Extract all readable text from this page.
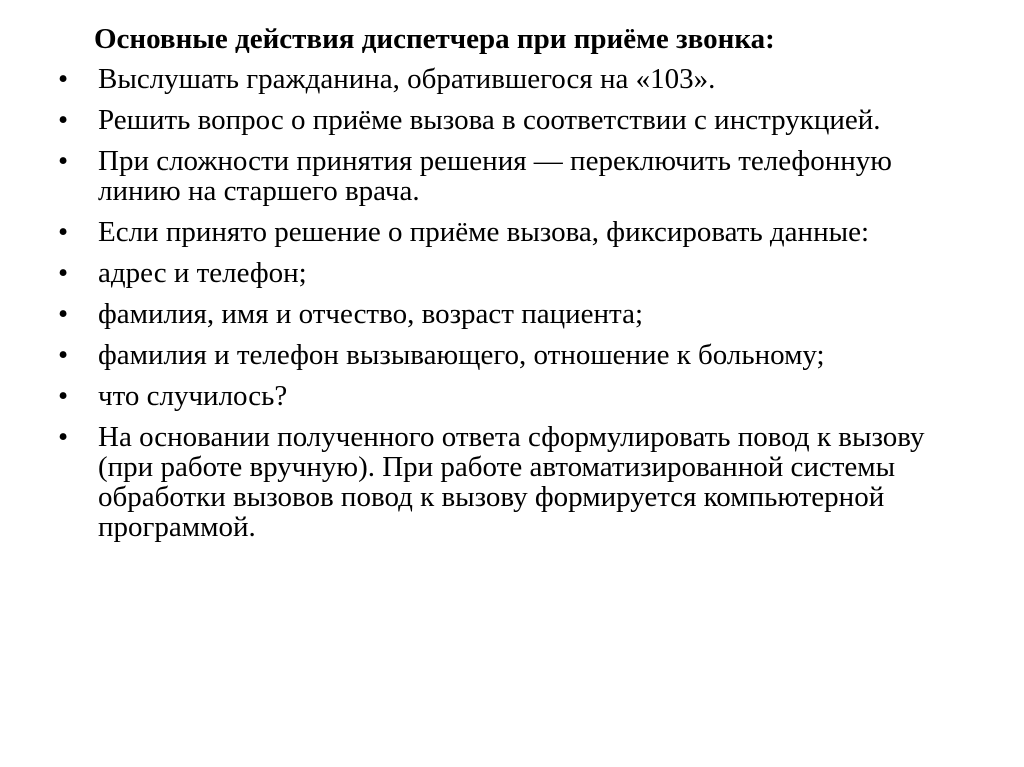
Основные действия диспетчера при приёме звонка:
•	Выслушать гражданина, обратившегося на «103».
•	Решить вопрос о приёме вызова в соответствии с инструкцией.
•	При сложности принятия решения — переключить телефонную линию на старшего врача.
•	Если принято решение о приёме вызова, фиксировать данные:
•	адрес и телефон;
•	фамилия, имя и отчество, возраст пациента;
•	фамилия и телефон вызывающего, отношение к больному;
•	что случилось?
•	На основании полученного ответа сформулировать повод к вызову (при работе вручную). При работе автоматизированной системы обработки вызовов повод к вызову формируется компьютерной программой.
